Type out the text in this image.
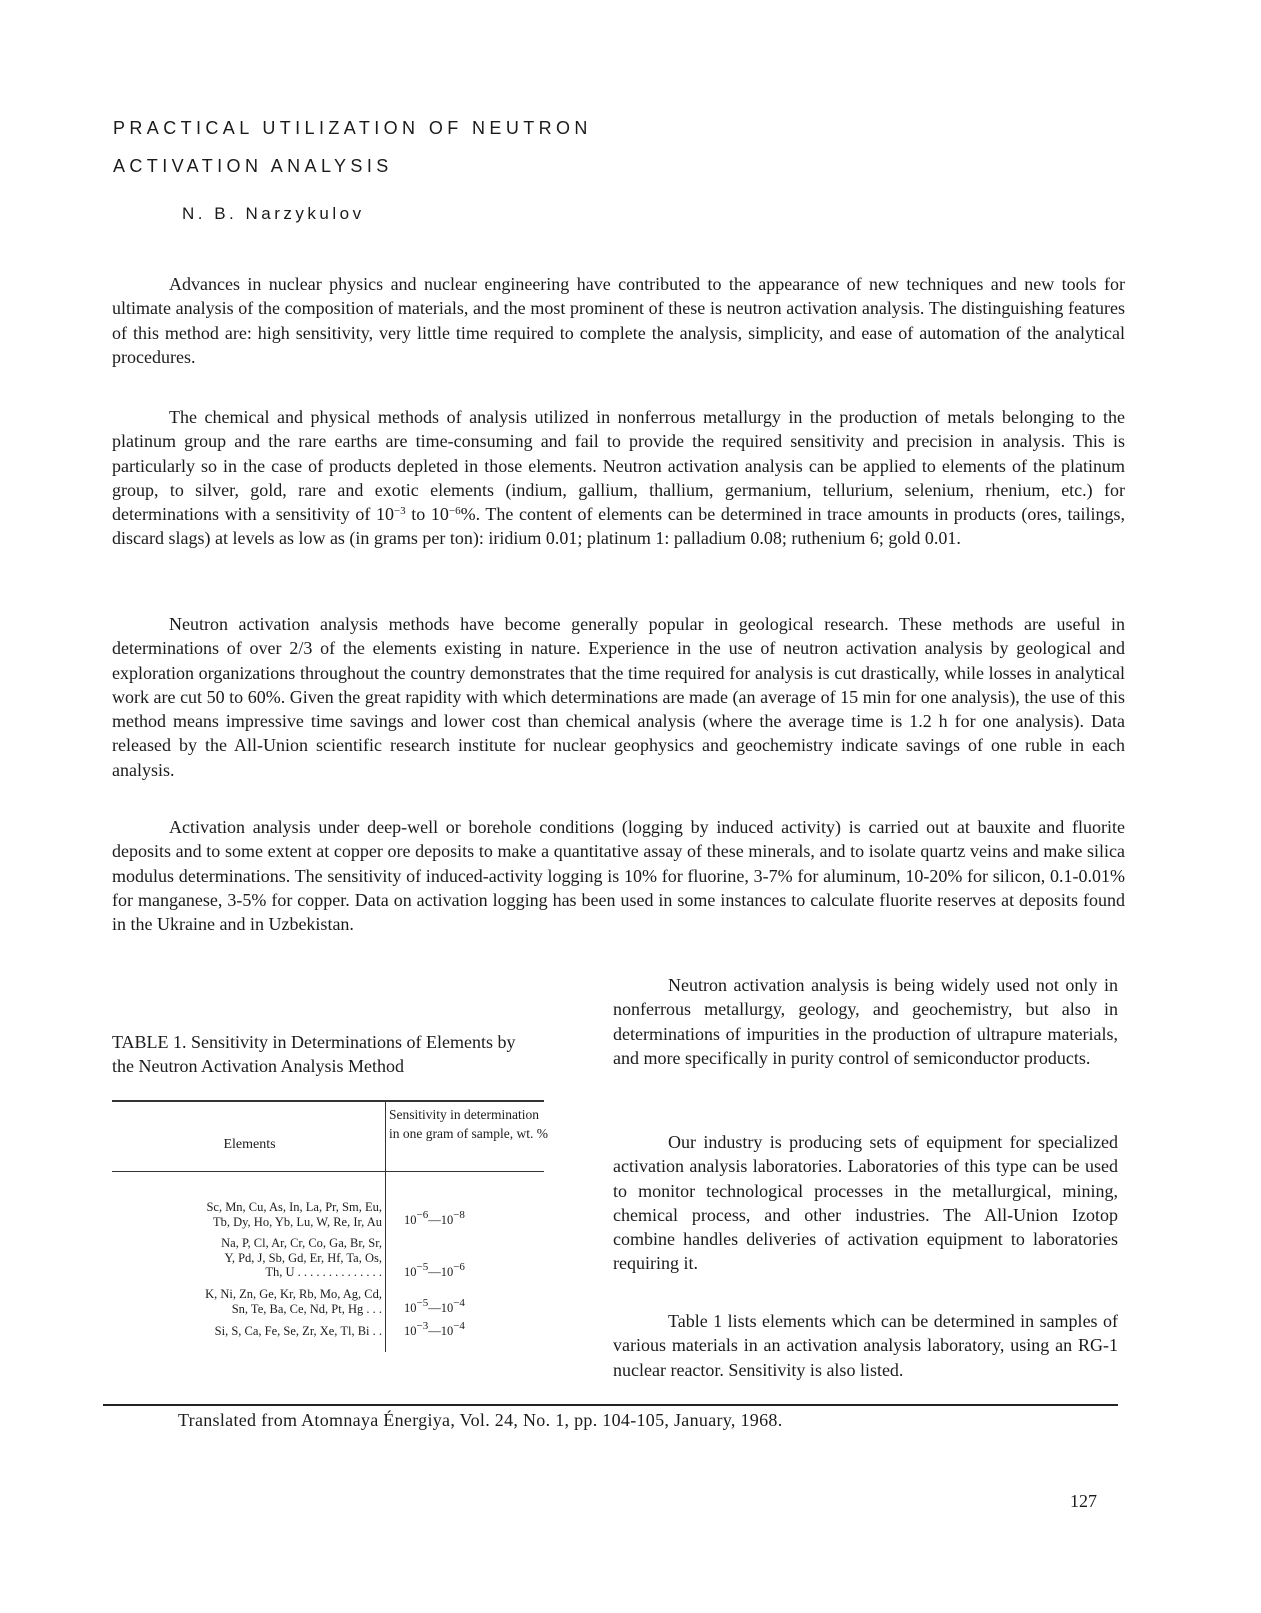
PRACTICAL UTILIZATION OF NEUTRON
ACTIVATION ANALYSIS

N. B. Narzykulov

Advances in nuclear physics and nuclear engineering have contributed to the appearance of new techniques and new tools for ultimate analysis of the composition of materials, and the most prominent of these is neutron activation analysis. The distinguishing features of this method are: high sensitivity, very little time required to complete the analysis, simplicity, and ease of automation of the analytical procedures.

The chemical and physical methods of analysis utilized in nonferrous metallurgy in the production of metals belonging to the platinum group and the rare earths are time-consuming and fail to provide the required sensitivity and precision in analysis. This is particularly so in the case of products depleted in those elements. Neutron activation analysis can be applied to elements of the platinum group, to silver, gold, rare and exotic elements (indium, gallium, thallium, germanium, tellurium, selenium, rhenium, etc.) for determinations with a sensitivity of $10^{-3}$ to $10^{-6}\%$. The content of elements can be determined in trace amounts in products (ores, tailings, discard slags) at levels as low as (in grams per ton): iridium 0.01; platinum 1: palladium 0.08; ruthenium 6; gold 0.01.

Neutron activation analysis methods have become generally popular in geological research. These methods are useful in determinations of over 2/3 of the elements existing in nature. Experience in the use of neutron activation analysis by geological and exploration organizations throughout the country demonstrates that the time required for analysis is cut drastically, while losses in analytical work are cut 50 to 60%. Given the great rapidity with which determinations are made (an average of 15 min for one analysis), the use of this method means impressive time savings and lower cost than chemical analysis (where the average time is 1.2 h for one analysis). Data released by the All-Union scientific research institute for nuclear geophysics and geochemistry indicate savings of one ruble in each analysis.

Activation analysis under deep-well or borehole conditions (logging by induced activity) is carried out at bauxite and fluorite deposits and to some extent at copper ore deposits to make a quantitative assay of these minerals, and to isolate quartz veins and make silica modulus determinations. The sensitivity of induced-activity logging is 10% for fluorine, 3-7% for aluminum, 10-20% for silicon, 0.1-0.01% for manganese, 3-5% for copper. Data on activation logging has been used in some instances to calculate fluorite reserves at deposits found in the Ukraine and in Uzbekistan.

TABLE 1. Sensitivity in Determinations of Elements by the Neutron Activation Analysis Method

Elements
Sensitivity in determination in one gram of sample, wt. %
Sc, Mn, Cu, As, In, La, Pr, Sm, Eu,
Tb, Dy, Ho, Yb, Lu, W, Re, Ir, Au $10^{-6}—10^{-8}$
Na, P, Cl, Ar, Cr, Co, Ga, Br, Sr,
Y, Pd, J, Sb, Gd, Er, Hf, Ta, Os,
Th, U . . . . . . . . . . . . . . $10^{-5}—10^{-6}$
K, Ni, Zn, Ge, Kr, Rb, Mo, Ag, Cd,
Sn, Te, Ba, Ce, Nd, Pt, Hg . . . $10^{-5}—10^{-4}$
Si, S, Ca, Fe, Se, Zr, Xe, Tl, Bi . . $10^{-3}—10^{-4}$

Neutron activation analysis is being widely used not only in nonferrous metallurgy, geology, and geochemistry, but also in determinations of impurities in the production of ultrapure materials, and more specifically in purity control of semiconductor products.

Our industry is producing sets of equipment for specialized activation analysis laboratories. Laboratories of this type can be used to monitor technological processes in the metallurgical, mining, chemical process, and other industries. The All-Union Izotop combine handles deliveries of activation equipment to laboratories requiring it.

Table 1 lists elements which can be determined in samples of various materials in an activation analysis laboratory, using an RG-1 nuclear reactor. Sensitivity is also listed.

Translated from Atomnaya Énergiya, Vol. 24, No. 1, pp. 104-105, January, 1968.

127
